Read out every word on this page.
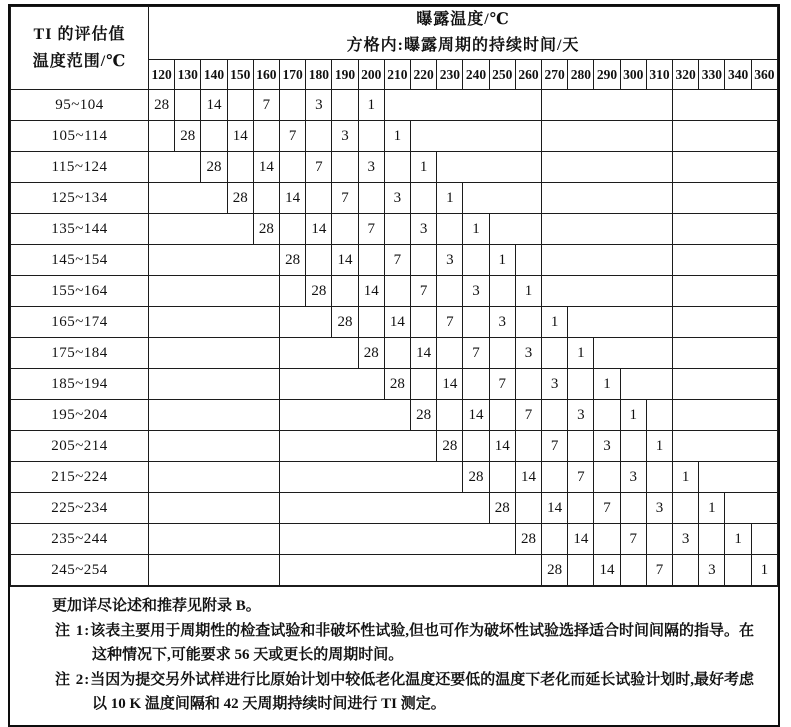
TI 的评估值
温度范围/℃

曝露温度/℃
方格内:曝露周期的持续时间/天

	120	130	140	150	160	170	180	190	200	210	220	230	240	250	260	270	280	290	300	310	320	330	340	360
95~104	28		14		7		3		1															
105~114		28		14		7		3		1														
115~124			28		14		7		3		1													
125~134				28		14		7		3		1												
135~144					28		14		7		3		1											
145~154						28		14		7		3		1										
155~164							28		14		7		3		1									
165~174								28		14		7		3		1								
175~184									28		14		7		3		1							
185~194										28		14		7		3		1						
195~204											28		14		7		3		1					
205~214												28		14		7		3		1				
215~224													28		14		7		3		1			
225~234														28		14		7		3		1		
235~244															28		14		7		3		1	
245~254																28		14		7		3		1
更加详尽论述和推荐见附录 B。
注 1:该表主要用于周期性的检查试验和非破坏性试验,但也可作为破坏性试验选择适合时间间隔的指导。在
这种情况下,可能要求 56 天或更长的周期时间。
注 2:当因为提交另外试样进行比原始计划中较低老化温度还要低的温度下老化而延长试验计划时,最好考虑
以 10 K 温度间隔和 42 天周期持续时间进行 TI 测定。
